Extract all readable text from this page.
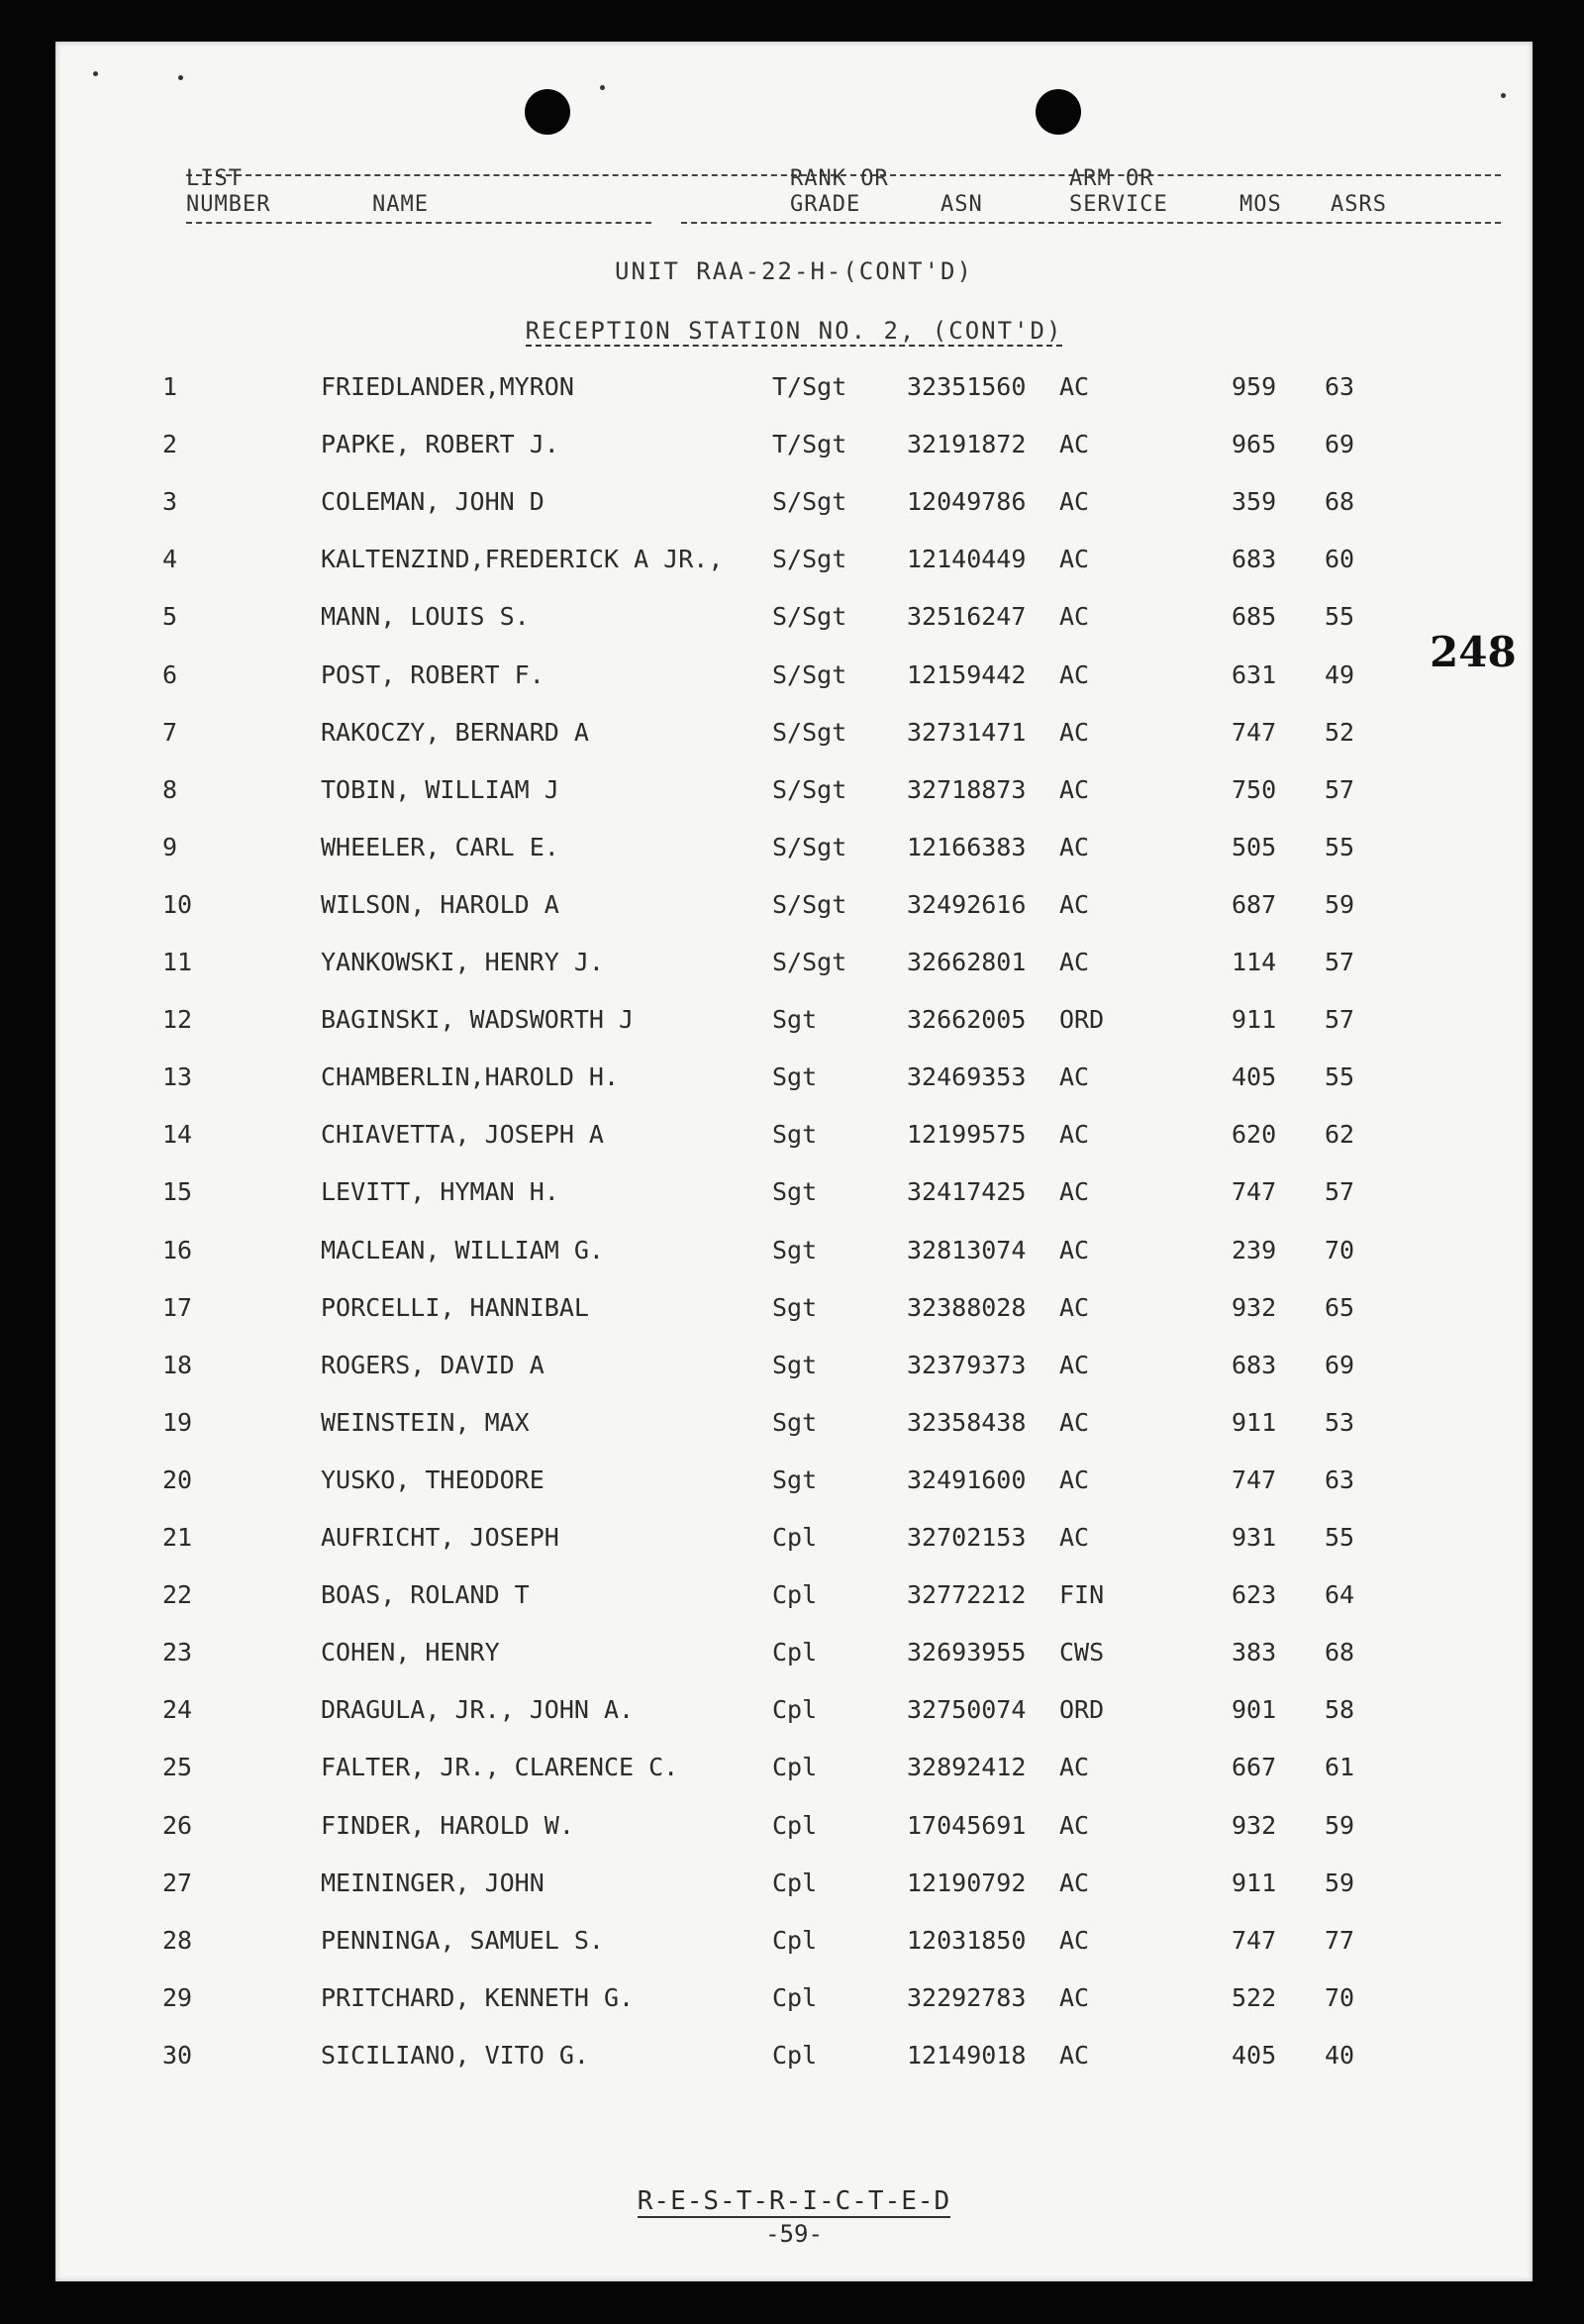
LIST
NUMBER	NAME
RANK OR
GRADE	ASN
ARM OR
SERVICE	MOS ASRS
UNIT RAA-22-H-(CONT'D)
RECEPTION STATION NO. 2, (CONT'D)
1	FRIEDLANDER,MYRON	T/Sgt 32351560 AC	959 63
2	PAPKE, ROBERT J.	T/Sgt 32191872 AC	965 69
3	COLEMAN, JOHN D	S/Sgt 12049786 AC	359 68
4	KALTENZIND,FREDERICK A JR., S/Sgt 12140449 AC	683 60
5	MANN, LOUIS S.	S/Sgt 32516247 AC	685 55
6	POST, ROBERT F.	S/Sgt 12159442 AC	631 49
7	RAKOCZY, BERNARD A	S/Sgt 32731471 AC	747 52
8	TOBIN, WILLIAM J	S/Sgt 32718873 AC	750 57
9	WHEELER, CARL E.	S/Sgt 12166383 AC	505 55
10	WILSON, HAROLD A	S/Sgt 32492616 AC	687 59
11	YANKOWSKI, HENRY J.	S/Sgt 32662801 AC	114 57
12	BAGINSKI, WADSWORTH J	Sgt	32662005 ORD	911 57
13	CHAMBERLIN,HAROLD H.	Sgt	32469353 AC	405 55
14	CHIAVETTA, JOSEPH A	Sgt	12199575 AC	620 62
15	LEVITT, HYMAN H.	Sgt	32417425 AC	747 57
16	MACLEAN, WILLIAM G.	Sgt	32813074 AC	239 70
17	PORCELLI, HANNIBAL	Sgt	32388028 AC	932 65
18	ROGERS, DAVID A	Sgt	32379373 AC	683 69
19	WEINSTEIN, MAX	Sgt	32358438 AC	911 53
20	YUSKO, THEODORE	Sgt	32491600 AC	747 63
21	AUFRICHT, JOSEPH	Cpl	32702153 AC	931 55
22	BOAS, ROLAND T	Cpl	32772212 FIN	623 64
23	COHEN, HENRY	Cpl	32693955 CWS	383 68
24	DRAGULA, JR., JOHN A.	Cpl	32750074 ORD	901 58
25	FALTER, JR., CLARENCE C.	Cpl	32892412 AC	667 61
26	FINDER, HAROLD W.	Cpl	17045691 AC	932 59
27	MEININGER, JOHN	Cpl	12190792 AC	911 59
28	PENNINGA, SAMUEL S.	Cpl	12031850 AC	747 77
29	PRITCHARD, KENNETH G.	Cpl	32292783 AC	522 70
30	SICILIANO, VITO G.	Cpl	12149018 AC	405 40
248
R-E-S-T-R-I-C-T-E-D
-59-
